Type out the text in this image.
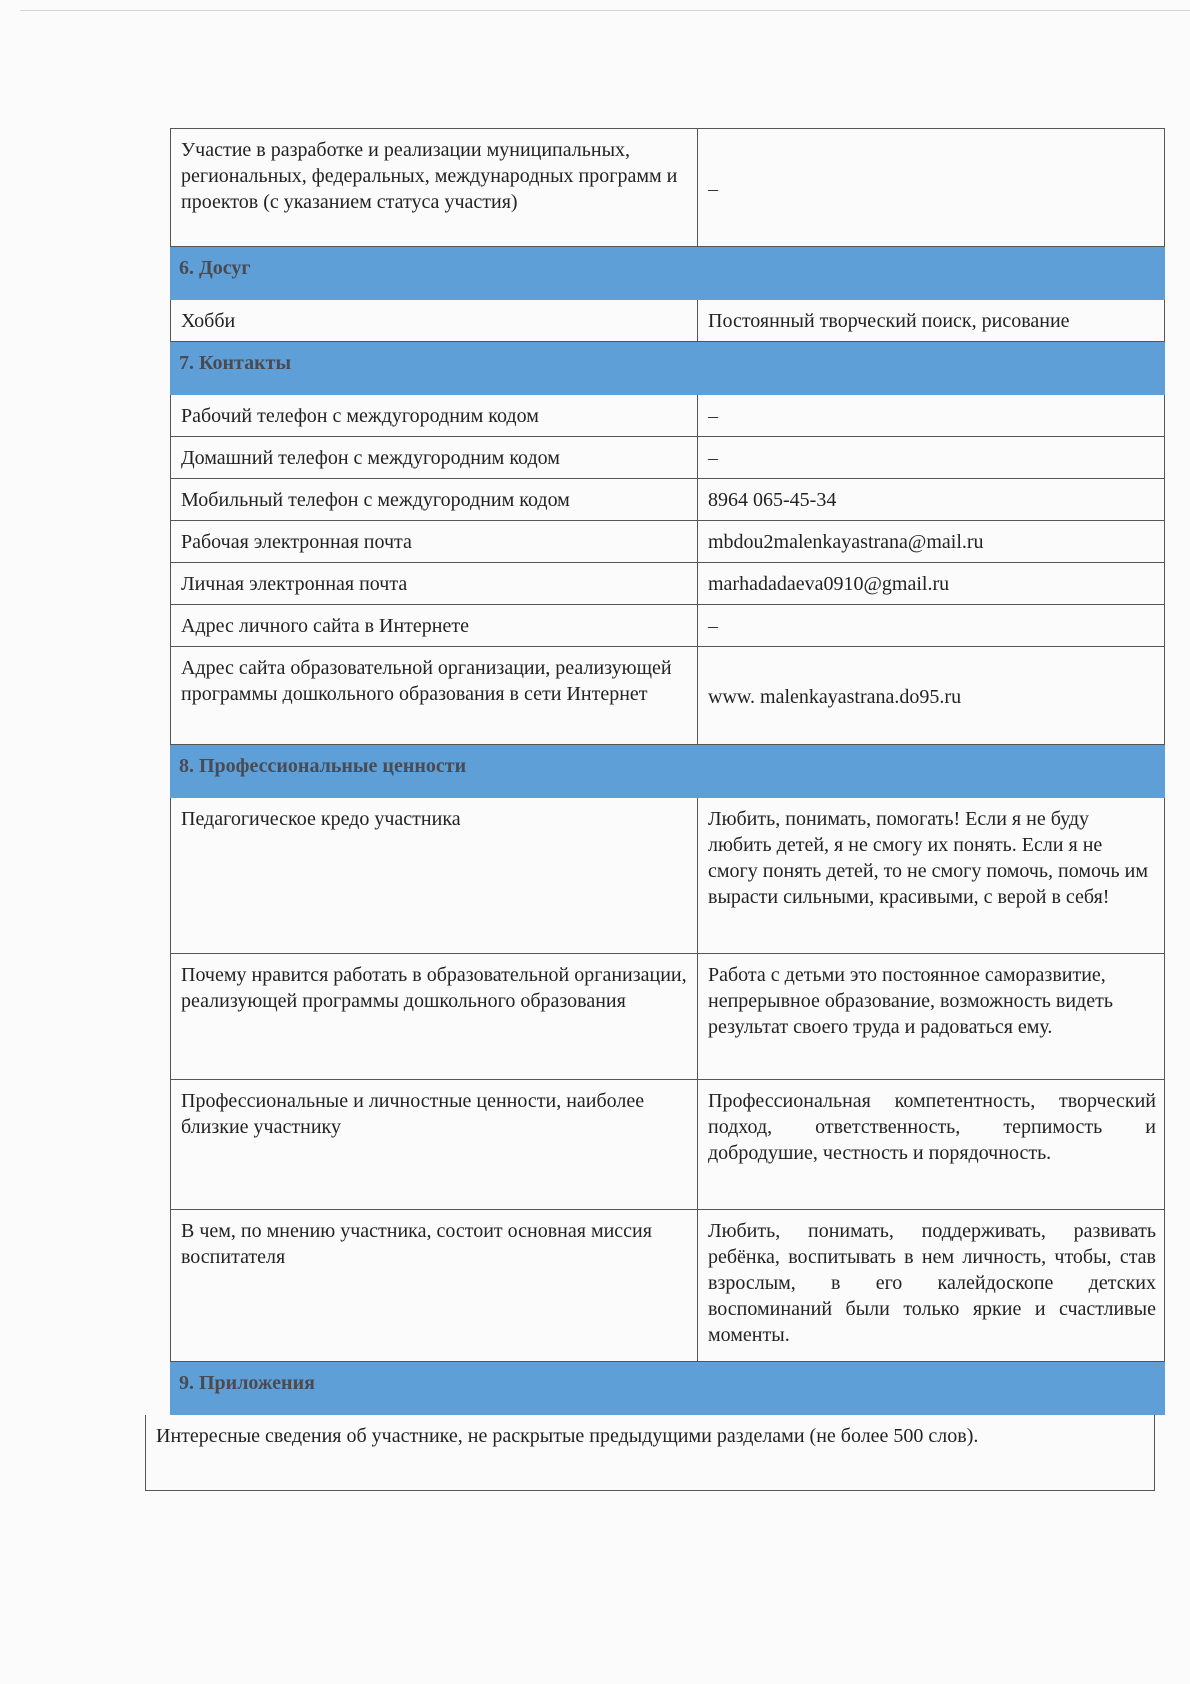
Участие в разработке и реализации муниципальных, региональных, федеральных, международных программ и проектов (с указанием статуса участия)	–
6. Досуг	
Хобби	Постоянный творческий поиск, рисование
7. Контакты	
Рабочий телефон с междугородним кодом	–
Домашний телефон с междугородним кодом	–
Мобильный телефон с междугородним кодом	8964 065-45-34
Рабочая электронная почта	mbdou2malenkayastrana@mail.ru
Личная электронная почта	marhadadaeva0910@gmail.ru
Адрес личного сайта в Интернете	–
Адрес сайта образовательной организации, реализующей программы дошкольного образования в сети Интернет	www. malenkayastrana.do95.ru
8. Профессиональные ценности	
Педагогическое кредо участника	Любить, понимать, помогать! Если я не буду любить детей, я не смогу их понять. Если я не смогу понять детей, то не смогу помочь, помочь им вырасти сильными, красивыми, с верой в себя!
Почему нравится работать в образовательной организации, реализующей программы дошкольного образования	Работа с детьми это постоянное саморазвитие, непрерывное образование, возможность видеть результат своего труда и радоваться ему.
Профессиональные и личностные ценности, наиболее близкие участнику	Профессиональная компетентность, творческий подход, ответственность, терпимость и добродушие, честность и порядочность.
В чем, по мнению участника, состоит основная миссия воспитателя	Любить, понимать, поддерживать, развивать ребёнка, воспитывать в нем личность, чтобы, став взрослым, в его калейдоскопе детских воспоминаний были только яркие и счастливые моменты.
9. Приложения	
Интересные сведения об участнике, не раскрытые предыдущими разделами (не более 500 слов).
